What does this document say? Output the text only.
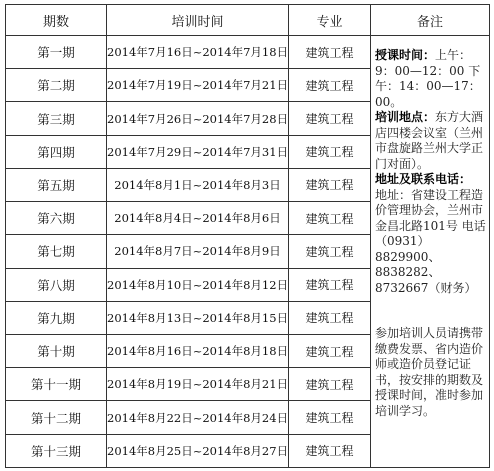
期数	培训时间	专业	备注
第一期	2014年7月16日~2014年7月18日	建筑工程	授课时间：上午：9：00—12：00 下午：14：00—17：00。

培训地点：东方大酒店四楼会议室（兰州市盘旋路兰州大学正门对面）。

地址及联系电话：
地址：省建设工程造价管理协会，兰州市金昌北路101号 电话（0931）8829900、8838282、8732667（财务）

参加培训人员请携带缴费发票、省内造价师或造价员登记证书，按安排的期数及授课时间，准时参加培训学习。

第二期	2014年7月19日~2014年7月21日	建筑工程	
第三期	2014年7月26日~2014年7月28日	建筑工程	
第四期	2014年7月29日~2014年7月31日	建筑工程	
第五期	2014年8月1日~2014年8月3日	建筑工程	
第六期	2014年8月4日~2014年8月6日	建筑工程	
第七期	2014年8月7日~2014年8月9日	建筑工程	
第八期	2014年8月10日~2014年8月12日	建筑工程	
第九期	2014年8月13日~2014年8月15日	建筑工程	
第十期	2014年8月16日~2014年8月18日	建筑工程	
第十一期	2014年8月19日~2014年8月21日	建筑工程	
第十二期	2014年8月22日~2014年8月24日	建筑工程	
第十三期	2014年8月25日~2014年8月27日	建筑工程	
